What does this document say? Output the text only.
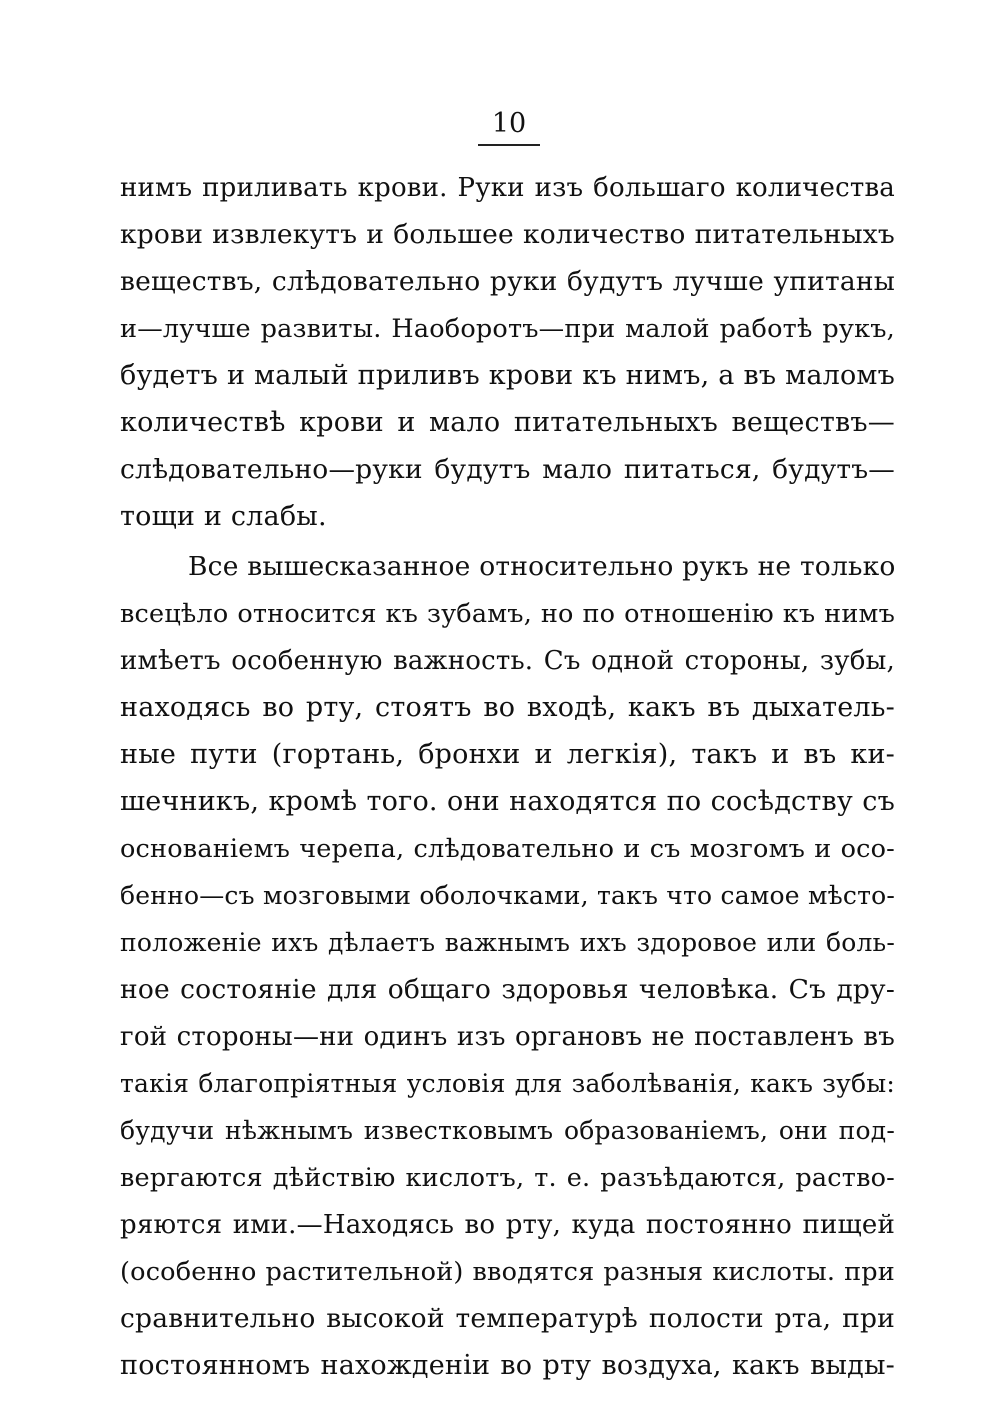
10
нимъ приливать крови. Руки изъ большаго количества
крови извлекутъ и большее количество питательныхъ
веществъ, слѣдовательно руки будутъ лучше упитаны
и—лучше развиты. Наоборотъ—при малой работѣ рукъ,
будетъ и малый приливъ крови къ нимъ, а въ маломъ
количествѣ крови и мало питательныхъ веществъ—
слѣдовательно—руки будутъ мало питаться, будутъ—
тощи и слабы.
Все вышесказанное относительно рукъ не только
всецѣло относится къ зубамъ, но по отношенію къ нимъ
имѣетъ особенную важность. Съ одной стороны, зубы,
находясь во рту, стоятъ во входѣ, какъ въ дыхатель-
ные пути (гортань, бронхи и легкія), такъ и въ ки-
шечникъ, кромѣ того. они находятся по сосѣдству съ
основаніемъ черепа, слѣдовательно и съ мозгомъ и осо-
бенно—съ мозговыми оболочками, такъ что самое мѣсто-
положеніе ихъ дѣлаетъ важнымъ ихъ здоровое или боль-
ное состояніе для общаго здоровья человѣка. Съ дру-
гой стороны—ни одинъ изъ органовъ не поставленъ въ
такія благопріятныя условія для заболѣванія, какъ зубы:
будучи нѣжнымъ известковымъ образованіемъ, они под-
вергаются дѣйствію кислотъ, т. е. разъѣдаются, раство-
ряются ими.—Находясь во рту, куда постоянно пищей
(особенно растительной) вводятся разныя кислоты. при
сравнительно высокой температурѣ полости рта, при
постоянномъ нахожденіи во рту воздуха, какъ выды-
